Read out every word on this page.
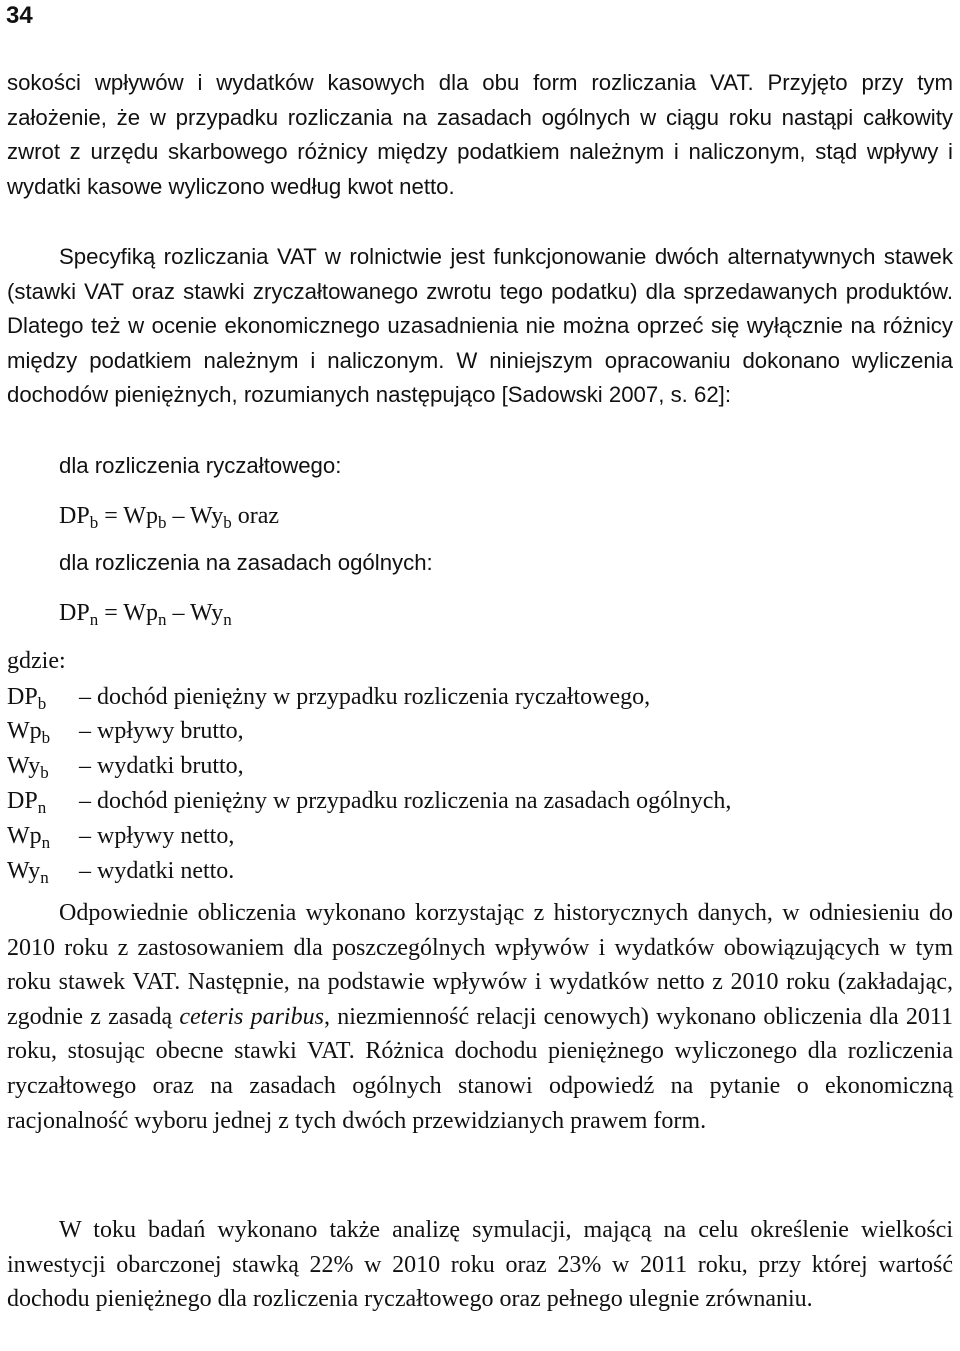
34

sokości wpływów i wydatków kasowych dla obu form rozliczania VAT. Przyjęto przy tym założenie, że w przypadku rozliczania na zasadach ogólnych w ciągu roku nastąpi całkowity zwrot z urzędu skarbowego różnicy między podatkiem należnym i naliczonym, stąd wpływy i wydatki kasowe wyliczono według kwot netto.

Specyfiką rozliczania VAT w rolnictwie jest funkcjonowanie dwóch alternatywnych stawek (stawki VAT oraz stawki zryczałtowanego zwrotu tego podatku) dla sprzedawanych produktów. Dlatego też w ocenie ekonomicznego uzasadnienia nie można oprzeć się wyłącznie na różnicy między podatkiem należnym i naliczonym. W niniejszym opracowaniu dokonano wyliczenia dochodów pieniężnych, rozumianych następująco [Sadowski 2007, s. 62]:

dla rozliczenia ryczałtowego:

$DP_b = Wp_b - Wy_b$ oraz

dla rozliczenia na zasadach ogólnych:

$DP_n = Wp_n - Wy_n$

gdzie:

$DP_b$ – dochód pieniężny w przypadku rozliczenia ryczałtowego,
$Wp_b$ – wpływy brutto,
$Wy_b$ – wydatki brutto,
$DP_n$ – dochód pieniężny w przypadku rozliczenia na zasadach ogólnych,
$Wp_n$ – wpływy netto,
$Wy_n$ – wydatki netto.

Odpowiednie obliczenia wykonano korzystając z historycznych danych, w odniesieniu do 2010 roku z zastosowaniem dla poszczególnych wpływów i wydatków obowiązujących w tym roku stawek VAT. Następnie, na podstawie wpływów i wydatków netto z 2010 roku (zakładając, zgodnie z zasadą ceteris paribus, niezmienność relacji cenowych) wykonano obliczenia dla 2011 roku, stosując obecne stawki VAT. Różnica dochodu pieniężnego wyliczonego dla rozliczenia ryczałtowego oraz na zasadach ogólnych stanowi odpowiedź na pytanie o ekonomiczną racjonalność wyboru jednej z tych dwóch przewidzianych prawem form.

W toku badań wykonano także analizę symulacji, mającą na celu określenie wielkości inwestycji obarczonej stawką 22% w 2010 roku oraz 23% w 2011 roku, przy której wartość dochodu pieniężnego dla rozliczenia ryczałtowego oraz pełnego ulegnie zrównaniu.
